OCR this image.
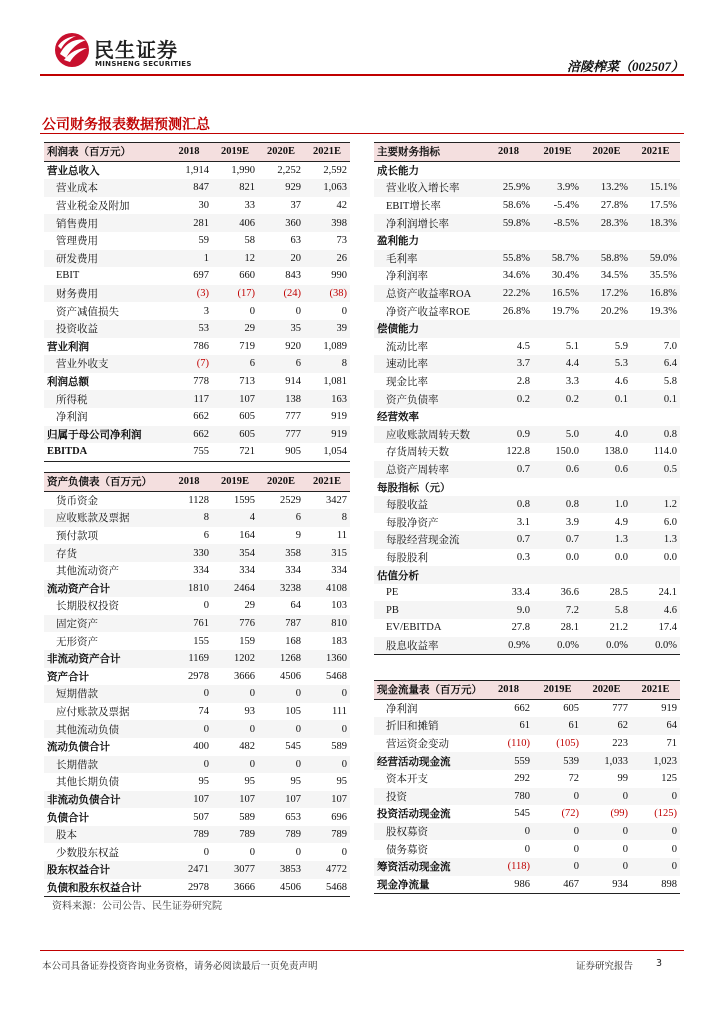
民生证券
MINSHENG SECURITIES	涪陵榨菜（002507）
公司财务报表数据预测汇总
利润表（百万元）	2018	2019E	2020E	2021E
营业总收入	1,914	1,990	2,252	2,592
营业成本	847	821	929	1,063
营业税金及附加	30	33	37	42
销售费用	281	406	360	398
管理费用	59	58	63	73
研发费用	1	12	20	26
EBIT	697	660	843	990
财务费用	(3)	(17)	(24)	(38)
资产减值损失	3	0	0	0
投资收益	53	29	35	39
营业利润	786	719	920	1,089
营业外收支	(7)	6	6	8
利润总额	778	713	914	1,081
所得税	117	107	138	163
净利润	662	605	777	919
归属于母公司净利润	662	605	777	919
EBITDA	755	721	905	1,054
主要财务指标	2018	2019E	2020E	2021E
成长能力				
营业收入增长率	25.9%	3.9%	13.2%	15.1%
EBIT增长率	58.6%	-5.4%	27.8%	17.5%
净利润增长率	59.8%	-8.5%	28.3%	18.3%
盈利能力				
毛利率	55.8%	58.7%	58.8%	59.0%
净利润率	34.6%	30.4%	34.5%	35.5%
总资产收益率ROA	22.2%	16.5%	17.2%	16.8%
净资产收益率ROE	26.8%	19.7%	20.2%	19.3%
偿债能力				
流动比率	4.5	5.1	5.9	7.0
速动比率	3.7	4.4	5.3	6.4
现金比率	2.8	3.3	4.6	5.8
资产负债率	0.2	0.2	0.1	0.1
经营效率				
应收账款周转天数	0.9	5.0	4.0	0.8
存货周转天数	122.8	150.0	138.0	114.0
总资产周转率	0.7	0.6	0.6	0.5
每股指标（元）				
每股收益	0.8	0.8	1.0	1.2
每股净资产	3.1	3.9	4.9	6.0
每股经营现金流	0.7	0.7	1.3	1.3
每股股利	0.3	0.0	0.0	0.0
估值分析				
PE	33.4	36.6	28.5	24.1
PB	9.0	7.2	5.8	4.6
EV/EBITDA	27.8	28.1	21.2	17.4
股息收益率	0.9%	0.0%	0.0%	0.0%
资产负债表（百万元）	2018	2019E	2020E	2021E
货币资金	1128	1595	2529	3427
应收账款及票据	8	4	6	8
预付款项	6	164	9	11
存货	330	354	358	315
其他流动资产	334	334	334	334
流动资产合计	1810	2464	3238	4108
长期股权投资	0	29	64	103
固定资产	761	776	787	810
无形资产	155	159	168	183
非流动资产合计	1169	1202	1268	1360
资产合计	2978	3666	4506	5468
短期借款	0	0	0	0
应付账款及票据	74	93	105	111
其他流动负债	0	0	0	0
流动负债合计	400	482	545	589
长期借款	0	0	0	0
其他长期负债	95	95	95	95
非流动负债合计	107	107	107	107
负债合计	507	589	653	696
股本	789	789	789	789
少数股东权益	0	0	0	0
股东权益合计	2471	3077	3853	4772
负债和股东权益合计	2978	3666	4506	5468
现金流量表（百万元）	2018	2019E	2020E	2021E
净利润	662	605	777	919
折旧和摊销	61	61	62	64
营运资金变动	(110)	(105)	223	71
经营活动现金流	559	539	1,033	1,023
资本开支	292	72	99	125
投资	780	0	0	0
投资活动现金流	545	(72)	(99)	(125)
股权募资	0	0	0	0
债务募资	0	0	0	0
筹资活动现金流	(118)	0	0	0
现金净流量	986	467	934	898
资料来源：公司公告、民生证券研究院
本公司具备证券投资咨询业务资格，请务必阅读最后一页免责声明	证券研究报告 3
